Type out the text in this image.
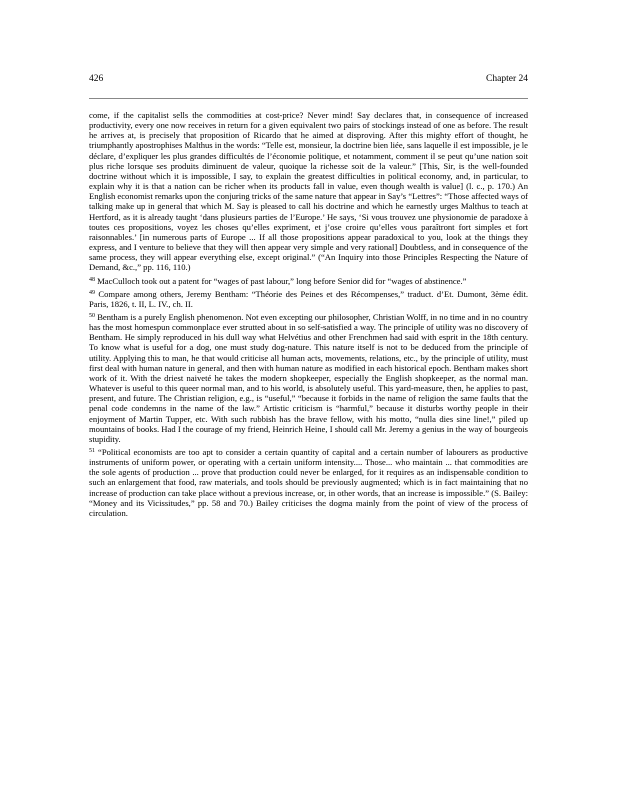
426	Chapter 24

come, if the capitalist sells the commodities at cost-price? Never mind! Say declares that, in consequence of increased productivity, every one now receives in return for a given equivalent two pairs of stockings instead of one as before. The result he arrives at, is precisely that proposition of Ricardo that he aimed at disproving. After this mighty effort of thought, he triumphantly apostrophises Malthus in the words: “Telle est, monsieur, la doctrine bien liée, sans laquelle il est impossible, je le déclare, d’expliquer les plus grandes difficultés de l’économie politique, et notamment, comment il se peut qu’une nation soit plus riche lorsque ses produits diminuent de valeur, quoique la richesse soit de la valeur.” [This, Sir, is the well-founded doctrine without which it is impossible, I say, to explain the greatest difficulties in political economy, and, in particular, to explain why it is that a nation can be richer when its products fall in value, even though wealth is value] (l. c., p. 170.) An English economist remarks upon the conjuring tricks of the same nature that appear in Say’s “Lettres”: “Those affected ways of talking make up in general that which M. Say is pleased to call his doctrine and which he earnestly urges Malthus to teach at Hertford, as it is already taught ‘dans plusieurs parties de l’Europe.’ He says, ‘Si vous trouvez une physionomie de paradoxe à toutes ces propositions, voyez les choses qu’elles expriment, et j’ose croire qu’elles vous paraîtront fort simples et fort raisonnables.’ [in numerous parts of Europe ... If all those propositions appear paradoxical to you, look at the things they express, and I venture to believe that they will then appear very simple and very rational] Doubtless, and in consequence of the same process, they will appear everything else, except original.” (“An Inquiry into those Principles Respecting the Nature of Demand, &c.,” pp. 116, 110.)

$^{48}$ MacCulloch took out a patent for “wages of past labour,” long before Senior did for “wages of abstinence.”

$^{49}$ Compare among others, Jeremy Bentham: “Théorie des Peines et des Récompenses,” traduct. d’Et. Dumont, 3ème édit. Paris, 1826, t. II, L. IV., ch. II.

$^{50}$ Bentham is a purely English phenomenon. Not even excepting our philosopher, Christian Wolff, in no time and in no country has the most homespun commonplace ever strutted about in so self-satisfied a way. The principle of utility was no discovery of Bentham. He simply reproduced in his dull way what Helvétius and other Frenchmen had said with esprit in the 18th century. To know what is useful for a dog, one must study dog-nature. This nature itself is not to be deduced from the principle of utility. Applying this to man, he that would criticise all human acts, movements, relations, etc., by the principle of utility, must first deal with human nature in general, and then with human nature as modified in each historical epoch. Bentham makes short work of it. With the driest naiveté he takes the modern shopkeeper, especially the English shopkeeper, as the normal man. Whatever is useful to this queer normal man, and to his world, is absolutely useful. This yard-measure, then, he applies to past, present, and future. The Christian religion, e.g., is “useful,” “because it forbids in the name of religion the same faults that the penal code condemns in the name of the law.” Artistic criticism is “harmful,” because it disturbs worthy people in their enjoyment of Martin Tupper, etc. With such rubbish has the brave fellow, with his motto, “nulla dies sine line!,” piled up mountains of books. Had I the courage of my friend, Heinrich Heine, I should call Mr. Jeremy a genius in the way of bourgeois stupidity.

$^{51}$ “Political economists are too apt to consider a certain quantity of capital and a certain number of labourers as productive instruments of uniform power, or operating with a certain uniform intensity.... Those... who maintain ... that commodities are the sole agents of production ... prove that production could never be enlarged, for it requires as an indispensable condition to such an enlargement that food, raw materials, and tools should be previously augmented; which is in fact maintaining that no increase of production can take place without a previous increase, or, in other words, that an increase is impossible.” (S. Bailey: “Money and its Vicissitudes,” pp. 58 and 70.) Bailey criticises the dogma mainly from the point of view of the process of circulation.
